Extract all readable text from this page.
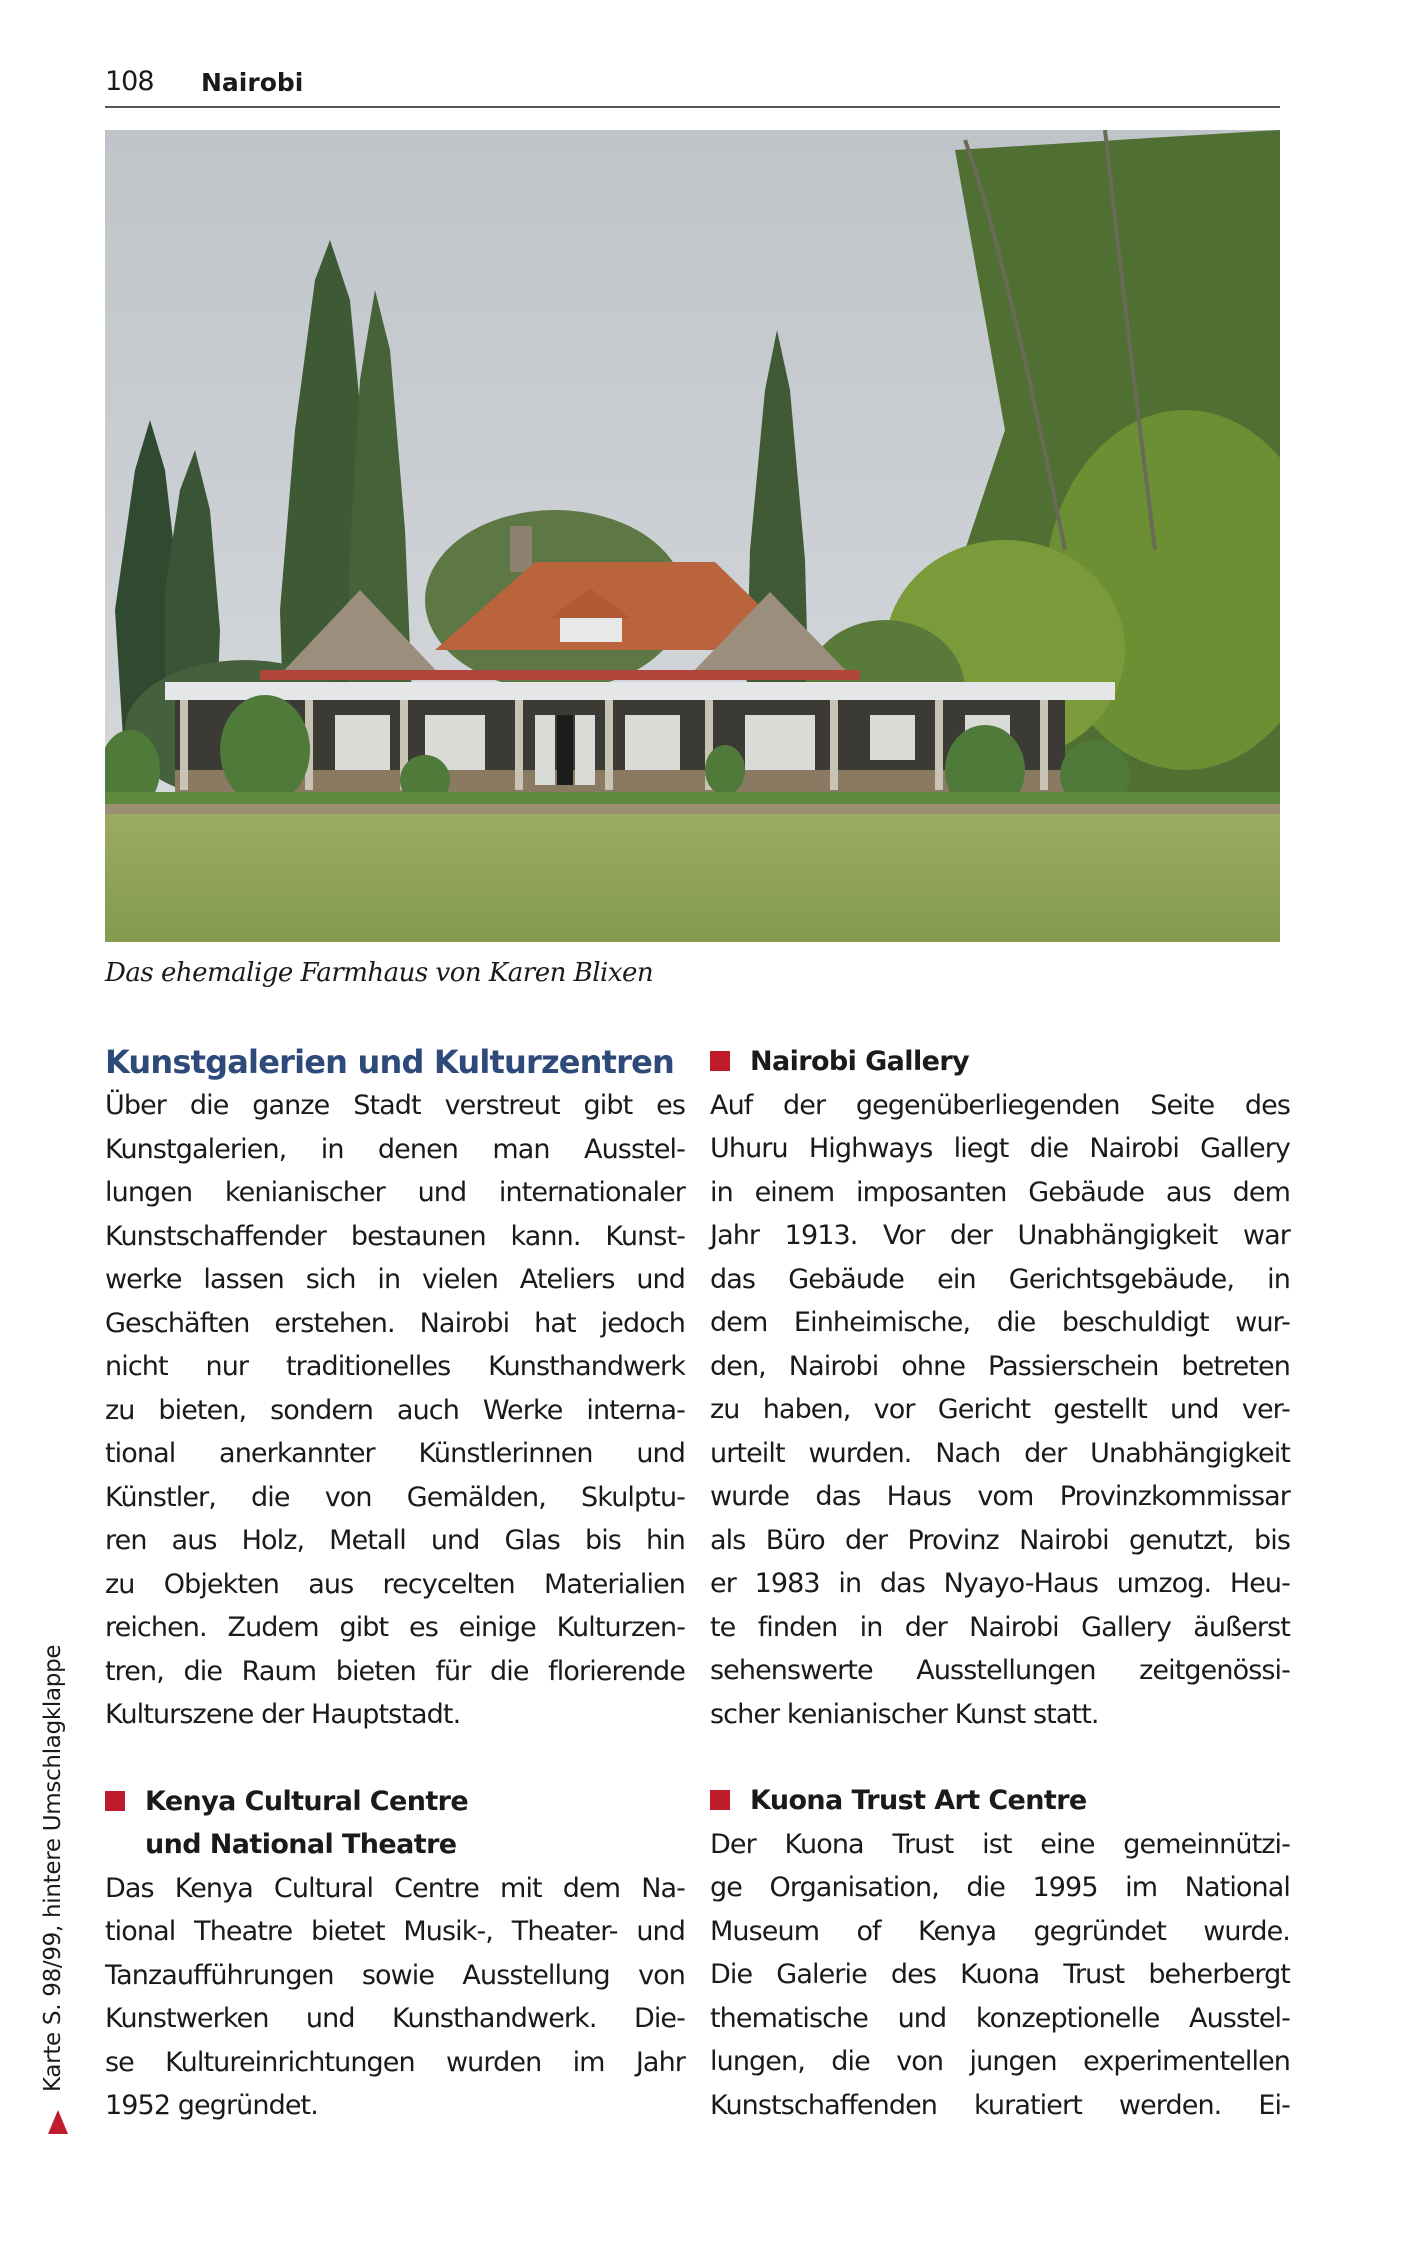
108 Nairobi
Das ehemalige Farmhaus von Karen Blixen
Karte S. 98/99, hintere Umschlagklappe
Kunstgalerien und Kulturzentren
Über die ganze Stadt verstreut gibt es
Kunstgalerien, in denen man Ausstel-
lungen kenianischer und internationaler
Kunstschaffender bestaunen kann. Kunst-
werke lassen sich in vielen Ateliers und
Geschäften erstehen. Nairobi hat jedoch
nicht nur traditionelles Kunsthandwerk
zu bieten, sondern auch Werke interna-
tional anerkannter Künstlerinnen und
Künstler, die von Gemälden, Skulptu-
ren aus Holz, Metall und Glas bis hin
zu Objekten aus recycelten Materialien
reichen. Zudem gibt es einige Kulturzen-
tren, die Raum bieten für die florierende
Kulturszene der Hauptstadt.
Kenya Cultural Centre
und National Theatre
Das Kenya Cultural Centre mit dem Na-
tional Theatre bietet Musik-, Theater- und
Tanzaufführungen sowie Ausstellung von
Kunstwerken und Kunsthandwerk. Die-
se Kultureinrichtungen wurden im Jahr
1952 gegründet.
Nairobi Gallery
Auf der gegenüberliegenden Seite des
Uhuru Highways liegt die Nairobi Gallery
in einem imposanten Gebäude aus dem
Jahr 1913. Vor der Unabhängigkeit war
das Gebäude ein Gerichtsgebäude, in
dem Einheimische, die beschuldigt wur-
den, Nairobi ohne Passierschein betreten
zu haben, vor Gericht gestellt und ver-
urteilt wurden. Nach der Unabhängigkeit
wurde das Haus vom Provinzkommissar
als Büro der Provinz Nairobi genutzt, bis
er 1983 in das Nyayo-Haus umzog. Heu-
te finden in der Nairobi Gallery äußerst
sehenswerte Ausstellungen zeitgenössi-
scher kenianischer Kunst statt.
Kuona Trust Art Centre
Der Kuona Trust ist eine gemeinnützi-
ge Organisation, die 1995 im National
Museum of Kenya gegründet wurde.
Die Galerie des Kuona Trust beherbergt
thematische und konzeptionelle Ausstel-
lungen, die von jungen experimentellen
Kunstschaffenden kuratiert werden. Ei-
